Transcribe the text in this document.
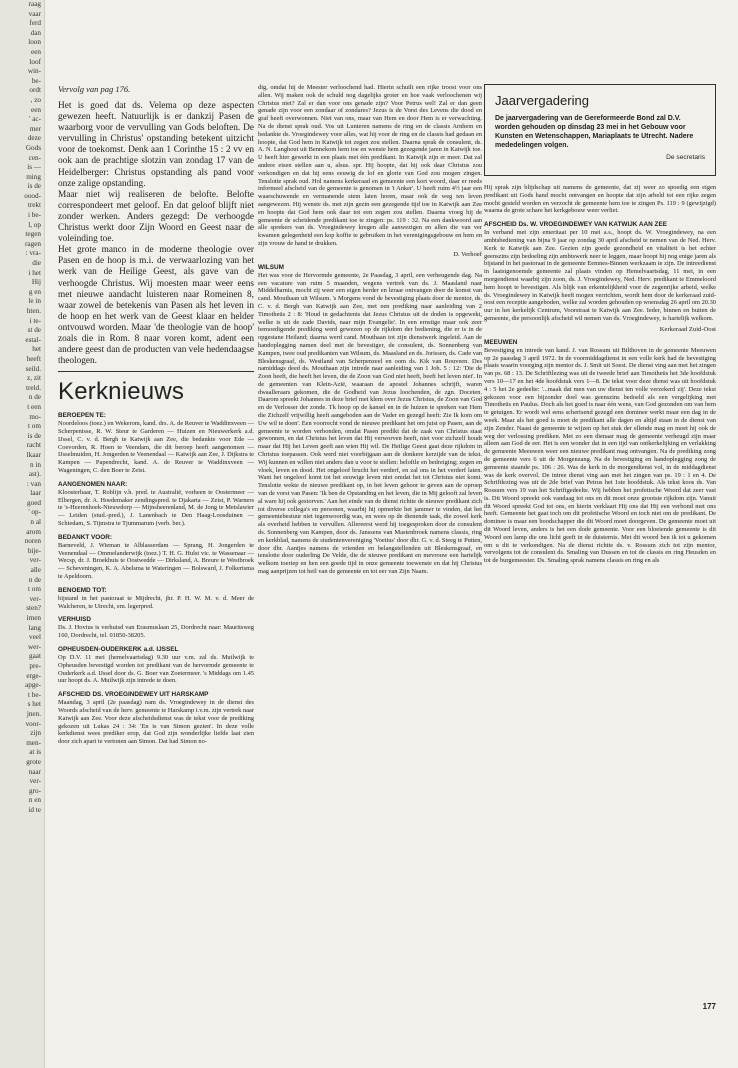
raag
vaar
ferd
dan
loon
een
loof
win-
be-
ordt
, zo
een
' ac-
mer
deze
Gods
cen-
is —
ming
is de
oood-
trekt
i be-
l, op
tegen
ragen
: vra-
die
i het
Hij
g en
le in
hten.
i te-
st de
estal-
het
heeft
seild.
z, zit
treld.
n de
t een
mo-
t om
is de
racht
lkaar
n in
ast).
: van
laar
goed
' op-
n al
arom
noren
bije-
ver-
alle
n de
t om
ver-
sten?
imen
lang
veel
wer-
gaat
pre-
erge-
apge-
t be-
s het
jnen.
voor-
zijn
men-
at is
grote
naar
ver-
gro-
n en
id te

Vervolg van pag 176.

Het is goed dat ds. Velema op deze aspecten gewezen heeft. Natuurlijk is er dankzij Pasen de waarborg voor de vervulling van Gods beloften. De vervulling in Christus' opstanding betekent uitzicht voor de toekomst. Denk aan 1 Corinthe 15 : 2 vv en ook aan de prachtige slotzin van zondag 17 van de Heidelberger: Christus opstanding als pand voor onze zalige opstanding.

Maar niet wij realiseren de belofte. Belofte correspondeert met geloof. En dat geloof blijft niet zonder werken. Anders gezegd: De verhoogde Christus werkt door Zijn Woord en Geest naar de voleinding toe.

Het grote manco in de moderne theologie over Pasen en de hoop is m.i. de verwaarlozing van het werk van de Heilige Geest, als gave van de verhoogde Christus. Wij moesten maar weer eens met nieuwe aandacht luisteren naar Romeinen 8, waar zowel de betekenis van Pasen als het leven in de hoop en het werk van de Geest klaar en helder ontvouwd worden. Maar 'de theologie van de hoop' zoals die in Rom. 8 naar voren komt, adent een andere geest dan de producten van vele hedendaagse theologen.

Kerknieuws
BEROEPEN TE:

Noordeloos (toez.) en Wekerom, kand. drs. A. de Reuver te Waddinxveen — Scherpenisse, R. W. Steur te Garderen — Huizen en Nieuwerkerk a.d. IJssel, C. v. d. Bergh te Katwijk aan Zee, die bedankte voor Ede — Coevorden, R. Hoen te Veendam, die dit beroep heeft aangenomen — IJsselmuiden, H. Jongerden te Veenendaal — Katwijk aan Zee, J. Dijkstra te Kampen — Papendrecht, kand. A. de Reuver te Waddinxveen — Wageningen, C. den Boer te Zeist.

AANGENOMEN NAAR:

Kloosterhaar, T. Roblijn v.h. pred. te Australië, vorheen te Oostermeer — Elbergen, dr. A. Hoedemaker zendingspred. te Djakarta — Zeist, P. Warners te 's-Heerenhoek-Nieuwdorp — Mijnsheerenland, M. de Jong te Metslawier — Leiden (stud.-pred.), J. Lanenbach te Den Haag-Loosduinen — Schiedam, S. Tijmstra te Tjummarum (verb. ber.).

BEDANKT VOOR:

Barneveld, J. Wieman te Alblasserdam — Sprang, H. Jongerden te Veenendaal — Ommelanderwijk (toez.) T. H. G. Hulst vic. te Wassenaar — Wecsp, dr. J. Broekhuis te Oostwedde — Dirksland, A. Breure te Westbroek — Scheveningen, K. A. Abelsma te Wateringen — Bolsward, J. Folkertsma te Apeldoorn.

BENOEMD TOT:

bijstand in het pastoraat te Mijdrecht, jhr. P. H. W. M. v. d. Meer de Walcheren, te Utrecht, em. legerpred.

VERHUISD

Ds. J. Hovius is verhuisd van Erasmuslaan 25, Dordrecht naar: Mauritsweg 160, Dordrecht, tel. 01850-38205.

OPHEUSDEN-OUDERKERK a.d. IJSSEL

Op D.V. 11 mei (hemelvaartsdag) 9.30 uur v.m. zal ds. Muilwijk te Opheusden bevestigd worden tot predikant van de hervormde gemeente te Ouderkerk a.d. IJssel door ds. G. Boer van Zoetermeer. 's Middags om 1.45 uur hoopt ds. A. Muilwijk zijn intrede te doen.

AFSCHEID DS. VROEGINDEWEY UIT HARSKAMP

Maandag, 3 april (2e paasdag) nam ds. Vroegindewey in de dienst des Woords afscheid van de herv. gemeente te Harskamp i.v.m. zijn vertrek naar Katwijk aan Zee. Voor deze afscheidsdienst was de tekst voor de prediking gekozen uit Lukas 24 : 34: 'En is van Simon gezien'. In deze volle kerkdienst wees prediker erop, dat God zijn wonderlijke liefde laat zien door zich apart te vertonen aan Simon. Dat had Simon no-

dig, omdat hij de Meester verloochend had. Hierin schuilt een rijke troost voor ons allen. Wij maken ook de schuld nog dagelijks groter en hoe vaak verloochenen wij Christus niet? Zal er dan voor ons genade zijn? Voor Petrus wel! Zal er dan geen genade zijn voor een zondaar of zondares? Jezus is de Vorst des Levens die dood en graf heeft overwonnen. Niet van ons, maar van Hem en door Hem is er verwachting. Na de dienst sprak oud. Vos uit Lunteren namens de ring en de classis Arnhem en bedankte ds. Vroegindewey voor alles, wat hij voor de ring en de classis had gedaan en hoopte, dat God hem in Katwijk tot zegen zou stellen. Daarna sprak de consulent, ds. A. N. Langhout uit Bennekom hem toe en wenste hem gezegende jaren in Katwijk toe. U heeft hier gewerkt in een plaats met één predikant. In Katwijk zijn er meer. Dat zal andere eisen stellen aan u, alsus. spr. Hij hoopte, dat hij ook daar Christus zou verkondigen en dat hij eens eeuwig de lof en glorie van God zou mogen zingen. Tenslotte sprak oud. Hol namens kerkeraad en gemeente een kort woord, daar er reeds informeel afscheid van de gemeente is genomen in 't Anker'. U heeft ruim 4½ jaar een waarschuwende en vermanende stem laten horen, maar ook de weg ten leven aangewezen. Hij wenste ds. met zijn gezin een gezegende tijd toe in Katwijk aan Zee en hoopte dat God hem ook daar tot een zegen zou stellen. Daarna vroeg hij de gemeente de scheidende predikant toe te zingen: ps. 119 : 32. Na een dankwoord aan alle sprekers van ds. Vroegindewey kregen alle aanwezigen en allen die van ver kwamen gelegenheid een kop koffie te gebruiken in het verenigingsgebouw en hem en zijn vrouw de hand te drukken.

D. Verhoef
WILSUM

Het was voor de Hervormde gemeente, 2e Paasdag, 3 april, een verheugende dag. Na een vacature van ruim 5 maanden, wegens vertrek van ds. J. Maasland naar Middelharnis, mocht zij weer een eigen herder en leraar ontvangen door de komst van cand. Mouthaan uit Wilsum. 's Morgens vond de bevestiging plaats door de mentor, ds. C. v. d. Bergh van Katwijk aan Zee, met een prediking naar aanleiding van 2 Timotheüs 2 : 8: 'Houd in gedachtenis dat Jezus Christus uit de doden is opgewekt, welke is uit de zade Davids, naar mijn Evangelie'. In een ernstige maar ook zeer bemoedigende prediking werd gewezen op de rijkdom der bediening, die er is in de opgestane Heiland; daarna werd cand. Mouthaan tot zijn dienstwerk ingeleid. Aan de handoplegging namen deel met de bevestiger, de consulent, ds. Sonnenberg van Kampen, twee oud predikanten van Wilsum, ds. Maasland en ds. Jorissen, ds. Cade van Bleskensgraaf, ds. Westland van Scherpenzeel en oom ds. Kik van Rouveen. Des namiddags deed ds. Mouthaan zijn intrede naar aanleiding van 1 Joh. 5 : 12: 'Die de Zoon heeft, die heeft het leven, die de Zoon van God niet heeft, heeft het leven niet'. In de gemeenten van Klein-Azië, waaraan de apostel Johannes schrijft, waren dwaalleraars gekomen, die de Godheid van Jezus loochenden, de zgn. Doceten. Daarom spreekt Johannes in deze brief met klem over Jezus Christus, de Zoon van God en de Verlosser der zonde. Tk hoop op de kansel en in de huizen te spreken van Hem die Zichzelf vrijwillig heeft aangeboden aan de Vader en gezegd heeft: Zie Ik kom om Uw wil te doen'. Een voorrecht vond de nieuwe predikant het om juist op Pasen, aan de gemeente te worden verbonden, omdat Pasen predikt dat de zaak van Christus staat gewonnen, en dat Christus het leven dat Hij verworven heeft, niet voor zichzelf houdt maar dat Hij het Leven geeft aan wien Hij wil. De Heilige Geest gaat deze rijkdom in Christus toepassen. Ook werd niet voorbijgaan aan de donkere kerzijde van de tekst. Wij kunnen en willen niet anders dan u voor te stellen: beloftle en bedreiging; zegen en vloek, leven en dood. Het ongeloof brucht het verderf, en zal ons in het verderf laten. Want het ongeloof komt tot het eeuwige leven niet omdat het tot Christus niet komt. Tenslotte wekte de nieuwe predikant op, in het leven gehoor te geven aan de oproep van de vorst van Pasen: 'Ik ben de Opstanding en het leven, die in Mij gelooft zal leven al ware hij ook gestorven.' Aan het einde van de dienst richtte de nieuwe predikant zich tot diverse collega's en personen, waarbij hij opmerkte het jammer te vinden, dat het gemeentebestuur niet tegenwoordig was, en wees op de dienende taak, die zowel kerk als overheid hebben te vervullen. Allereerst werd hij toegesproken door de consulent ds. Sonnenberg van Kampen, door ds. Janssens van Mastenbroek namens classis, ring en kerkblad, namens de studentenvereniging 'Voetius' door dhr. G. v. d. Steeg te Putten, door dhr. Aantjes namens de vrienden en belangstellenden uit Bleskensgraaf, en tenslotte door ouderling De Velde, die de nieuwe predikant en mevrouw een hartelijk welkom toeriep en hen een goede tijd in onze gemeente toewenste en dat hij Christus mag aanprijzen tot heil van de gemeente en tot eer van Zijn Naam.

Jaarvergadering

De jaarvergadering van de Gereformeerde Bond zal D.V. worden gehouden op dinsdag 23 mei in het Gebouw voor Kunsten en Wetenschappen, Mariaplaats te Utrecht. Nadere mededelingen volgen.

De secretaris

Hij sprak zijn blijdschap uit namens de gemeente, dat zij weer zo spoedig een eigen predikant uit Gods hand mocht ontvangen en hoopte dat zijn arbeld tot een rijke zegen mocht gesteld worden en verzocht de gemeente hem toe te zingen Ps. 119 : 9 (gewijzigd) waarna de grote schare het kerkgebouw weer verliet.

AFSCHEID Ds. W. VROEGINDEWEY VAN KATWIJK AAN ZEE

In verband met zijn emeritaat per 10 mei a.s., hoopt ds. W. Vroegindewey, na een ambtsbediening van bijna 9 jaar op zondag 30 april afscheid te nemen van de Ned. Herv. Kerk te Katwijk aan Zee. Gezien zijn goede gezondheid en vitaliteit is het echter geenszins zijn bedoeling zijn ambtswerk neer te leggen, maar hoopt hij nog enige jaren als bijstand in het pastoraat in de gemeente Eemnes-Binnen werkzaam te zijn. De intreedienst in laatstgenoemde gemeente zal plaats vinden op Hemelvaartsdag, 11 mei, in een morgendienst waarbij zijn zoon, ds. J. Vroegindewey, Ned. Herv. predikant te Emmeloord hem hoopt te bevestigen. Als blijk van erkentelijkheid voor de zegenrijke arbeid, welke ds. Vroegindewey in Katwijk heeft mogen verrichten, wordt hem door de kerkeraad zuid-oost een receptie aangeboden, welke zal worden gehouden op woensdag 26 april om 20.30 uur in het kerkelijk Centrum, Voorstraat te Katwijk aan Zee. Ieder, binnen en buiten de gemeente, die persoonlijk afscheid wil nemen van ds. Vroegindewey, is hartelijk welkom.

Kerkeraad Zuid-Oost
MEEUWEN

Bevestiging en intrede van kand. J. van Rossum uit Bilthoven in de gemeente Meeuwen op 2e paasdag 3 april 1972. In de voormiddagdienst in een volle kerk had de bevestiging plaats waarin voorging zijn mentor ds. J. Smit uit Soest. De dienst ving aan met het zingen van ps. 68 : 13. De Schriftlezing was uit de tweede brief aan Timotheüs het 3de hoofdstuk vers 10—17 en het 4de hoofdstuk vers 1—8. De tekst voor deze dienst was uit hoofdstuk 4 : 5 het 2e gedeelte: '...maak dat men van uw dienst ten volle verzekerd zij'. Deze tekst gekozen voor een bijzonder doel was geenszins bedoeld als een vergelijking met Timotheüs en Paulus. Doch als het goed is naar één wens, van God gezonden om van hem te getuigen. Er wordt wel eens schertsend gezegd een dominee werkt maar een dag in de week. Maar als het goed is moet de predikant alle dagen en altijd staan in de dienst van zijn Zender. Naast de gemeente te wijzen op het stuk der ellende mag en moet hij ook de weg der verlossing prediken. Met zo een dienaar mag de gemeente verheugd zijn maar alleen aan God de eer. Het is een wonder dat in een tijd van ontkerkelijking en verlakking de gemeente Meeuwen weer een nieuwe predikant mag ontvangen. Na de prediking zong de gemeente vers 6 uit de Morgenzang. Na de bevestiging en handoplegging zong de gemeente staande ps. 106 : 26. Was de kerk in de morgendienst vol, in de middagdienst was de kerk overvol. De intree dienst ving aan met het zingen van ps. 19 : 1 en 4. De Schriftlezing was uit de 2de brief van Petrus het 1ste hoofdstuk. Als tekst koos ds. Van Rossum vers 19 van het Schriftgedeelte. Wij hebben het profetische Woord dat zeer vast is. Dit Woord spreekt ook vandaag tot ons en dit moet onze grootste rijkdom zijn. Vanuit dit Woord spreekt God tot ons, en hierin verklaart Hij ons dat Hij een verbond met ons heeft. Gemeente het gaat toch om dit profetische Woord en toch niet om de predikant. De dominee is maar een boodschapper die dit Woord moet doorgeven. De gemeente moet uit dit Woord leven, anders is het een dode gemeente. Voor een bloeiende gemeente is dit Woord een lamp die ons licht geeft in de duisternis. Met dit woord ben ik tot u gekomen om u dit te verkondigen. Na de dienst richtte ds. v. Rossum zich tot zijn mentor, vervolgens tot de consulent ds. Smaling van Dussen en tot de classis en ring Heusden en tot de burgemeester. Ds. Smaling sprak namens classis en ring en als

177
